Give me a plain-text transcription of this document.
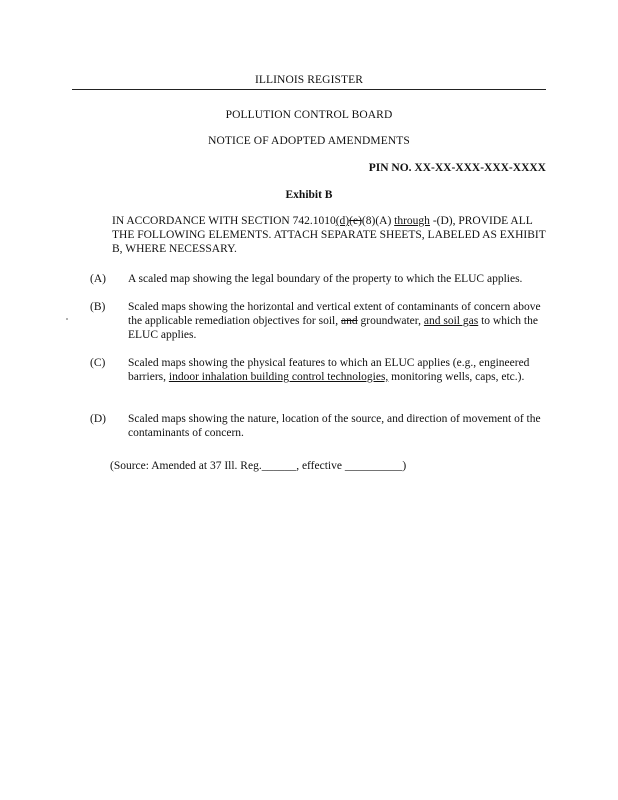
ILLINOIS REGISTER
POLLUTION CONTROL BOARD
NOTICE OF ADOPTED AMENDMENTS
PIN NO. XX-XX-XXX-XXX-XXXX
Exhibit B
IN ACCORDANCE WITH SECTION 742.1010(d)(e)(8)(A) through -(D), PROVIDE ALL THE FOLLOWING ELEMENTS. ATTACH SEPARATE SHEETS, LABELED AS EXHIBIT B, WHERE NECESSARY.
(A) A scaled map showing the legal boundary of the property to which the ELUC applies.
(B) Scaled maps showing the horizontal and vertical extent of contaminants of concern above the applicable remediation objectives for soil, and groundwater, and soil gas to which the ELUC applies.
(C) Scaled maps showing the physical features to which an ELUC applies (e.g., engineered barriers, indoor inhalation building control technologies, monitoring wells, caps, etc.).
(D) Scaled maps showing the nature, location of the source, and direction of movement of the contaminants of concern.
(Source: Amended at 37 Ill. Reg.______, effective __________)
